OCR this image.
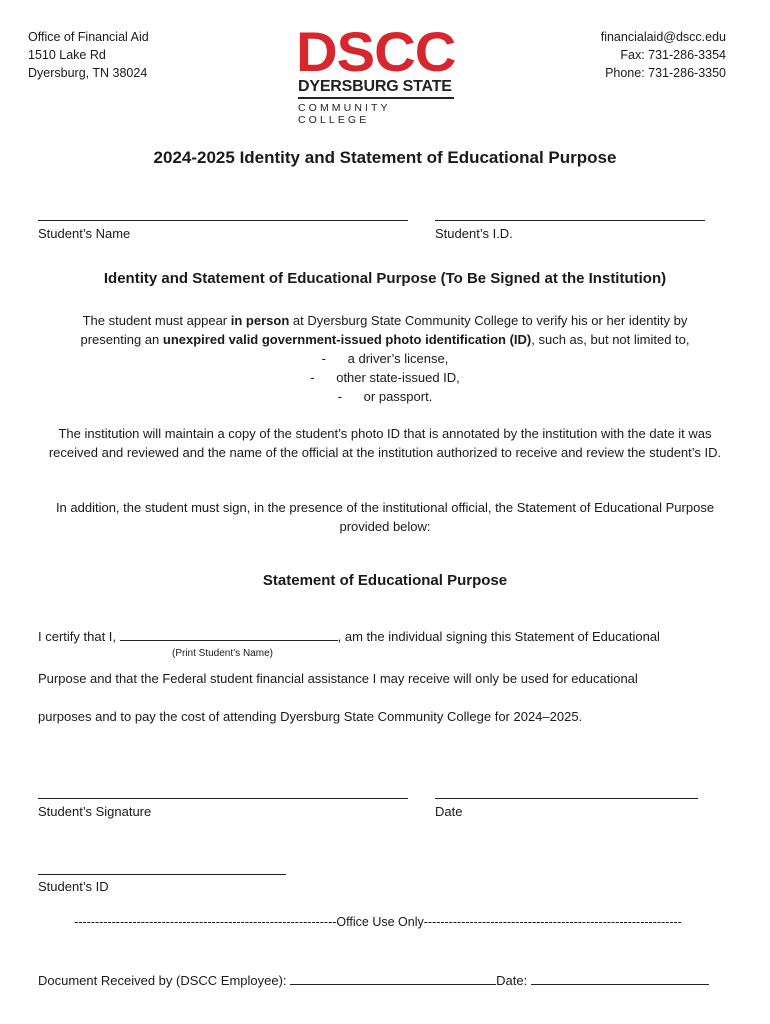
Office of Financial Aid
1510 Lake Rd
Dyersburg, TN 38024	DSCC
DYERSBURG STATE
COMMUNITY COLLEGE
financialaid@dscc.edu
Fax: 731-286-3354
Phone: 731-286-3350
2024-2025 Identity and Statement of Educational Purpose
Student’s Name	Student’s I.D.
Identity and Statement of Educational Purpose (To Be Signed at the Institution)
The student must appear in person at Dyersburg State Community College to verify his or her identity by
presenting an unexpired valid government-issued photo identification (ID), such as, but not limited to,
-      a driver’s license,
-      other state-issued ID,
-      or passport.
The institution will maintain a copy of the student’s photo ID that is annotated by the institution with the date it was received and reviewed and the name of the official at the institution authorized to receive and review the student’s ID.
In addition, the student must sign, in the presence of the institutional official, the Statement of Educational Purpose provided below:
Statement of Educational Purpose
I certify that I,	, am the individual signing this Statement of Educational
(Print Student’s Name)
Purpose and that the Federal student financial assistance I may receive will only be used for educational
purposes and to pay the cost of attending Dyersburg State Community College for 2024–2025.
Student’s Signature	Date
Student’s ID
---------------------------------------------------------------Office Use Only--------------------------------------------------------------
Document Received by (DSCC Employee):	Date:
